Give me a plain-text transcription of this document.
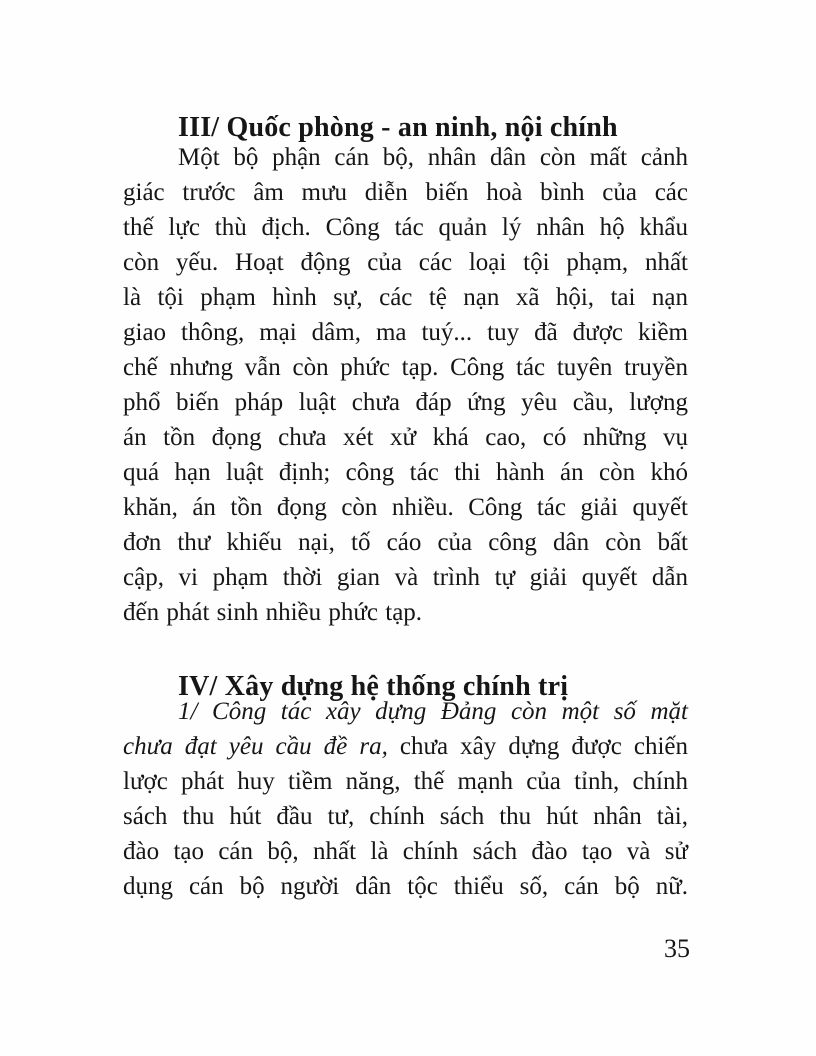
III/ Quốc phòng - an ninh, nội chính
Một bộ phận cán bộ, nhân dân còn mất cảnh
giác trước âm mưu diễn biến hoà bình của các
thế lực thù địch. Công tác quản lý nhân hộ khẩu
còn yếu. Hoạt động của các loại tội phạm, nhất
là tội phạm hình sự, các tệ nạn xã hội, tai nạn
giao thông, mại dâm, ma tuý... tuy đã được kiềm
chế nhưng vẫn còn phức tạp. Công tác tuyên truyền
phổ biến pháp luật chưa đáp ứng yêu cầu, lượng
án tồn đọng chưa xét xử khá cao, có những vụ
quá hạn luật định; công tác thi hành án còn khó
khăn, án tồn đọng còn nhiều. Công tác giải quyết
đơn thư khiếu nại, tố cáo của công dân còn bất
cập, vi phạm thời gian và trình tự giải quyết dẫn
đến phát sinh nhiều phức tạp.
IV/ Xây dựng hệ thống chính trị
1/ Công tác xây dựng Đảng còn một số mặt
chưa đạt yêu cầu đề ra, chưa xây dựng được chiến
lược phát huy tiềm năng, thế mạnh của tỉnh, chính
sách thu hút đầu tư, chính sách thu hút nhân tài,
đào tạo cán bộ, nhất là chính sách đào tạo và sử
dụng cán bộ người dân tộc thiểu số, cán bộ nữ.
35
